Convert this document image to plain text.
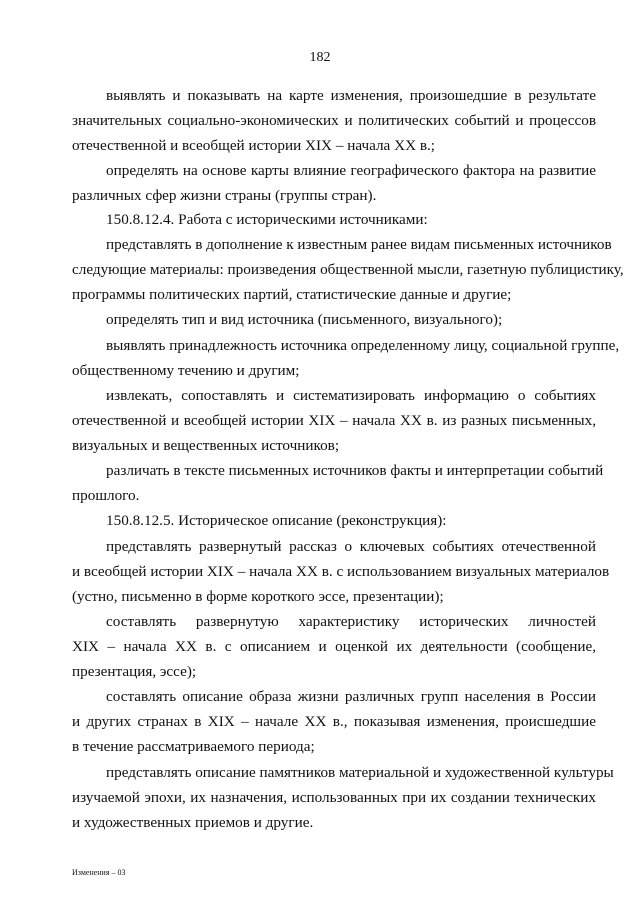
182
выявлять и показывать на карте изменения, произошедшие в результате
значительных социально-экономических и политических событий и процессов
отечественной и всеобщей истории XIX – начала XX в.;
определять на основе карты влияние географического фактора на развитие
различных сфер жизни страны (группы стран).
150.8.12.4. Работа с историческими источниками:
представлять в дополнение к известным ранее видам письменных источников
следующие материалы: произведения общественной мысли, газетную публицистику,
программы политических партий, статистические данные и другие;
определять тип и вид источника (письменного, визуального);
выявлять принадлежность источника определенному лицу, социальной группе,
общественному течению и другим;
извлекать, сопоставлять и систематизировать информацию о событиях
отечественной и всеобщей истории XIX – начала XX в. из разных письменных,
визуальных и вещественных источников;
различать в тексте письменных источников факты и интерпретации событий
прошлого.
150.8.12.5. Историческое описание (реконструкция):
представлять развернутый рассказ о ключевых событиях отечественной
и всеобщей истории XIX – начала XX в. с использованием визуальных материалов
(устно, письменно в форме короткого эссе, презентации);
составлять развернутую характеристику исторических личностей
XIX – начала XX в. с описанием и оценкой их деятельности (сообщение,
презентация, эссе);
составлять описание образа жизни различных групп населения в России
и других странах в XIX – начале XX в., показывая изменения, происшедшие
в течение рассматриваемого периода;
представлять описание памятников материальной и художественной культуры
изучаемой эпохи, их назначения, использованных при их создании технических
и художественных приемов и другие.
Изменения – 03
